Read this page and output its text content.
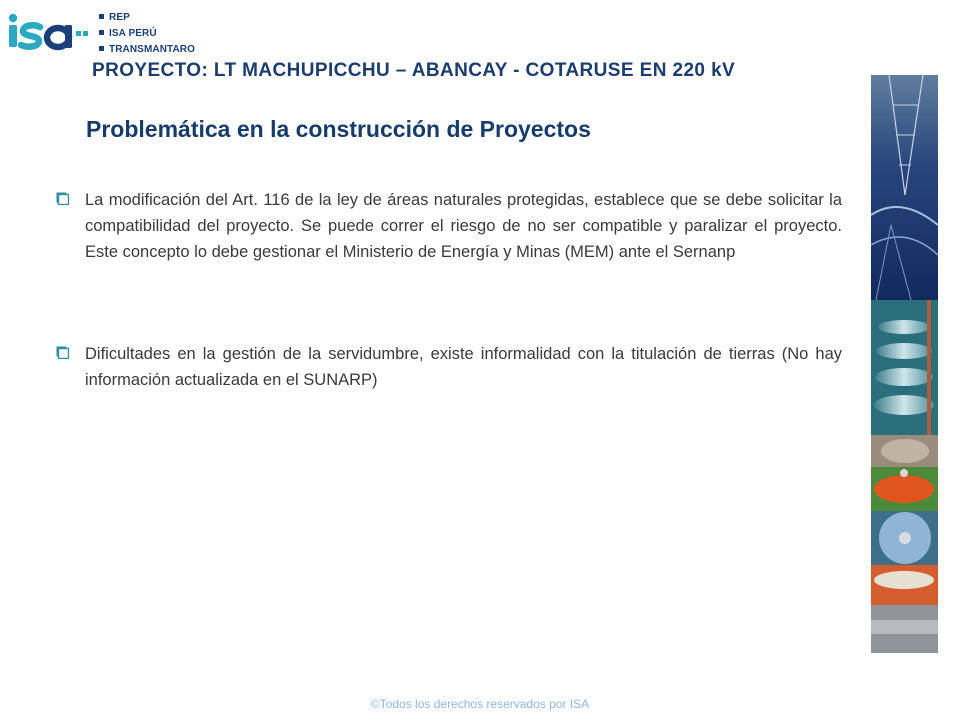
REP
ISA PERÚ
TRANSMANTARO
PROYECTO: LT MACHUPICCHU – ABANCAY - COTARUSE EN 220 kV
Problemática en la construcción de Proyectos
La modificación del Art. 116 de la ley de áreas naturales protegidas, establece que se debe solicitar la compatibilidad del proyecto. Se puede correr el riesgo de no ser compatible y paralizar el proyecto. Este concepto lo debe gestionar el Ministerio de Energía y Minas (MEM) ante el Sernanp
Dificultades en la gestión de la servidumbre, existe informalidad con la titulación de tierras (No hay información actualizada en el SUNARP)
©Todos los derechos reservados por ISA
